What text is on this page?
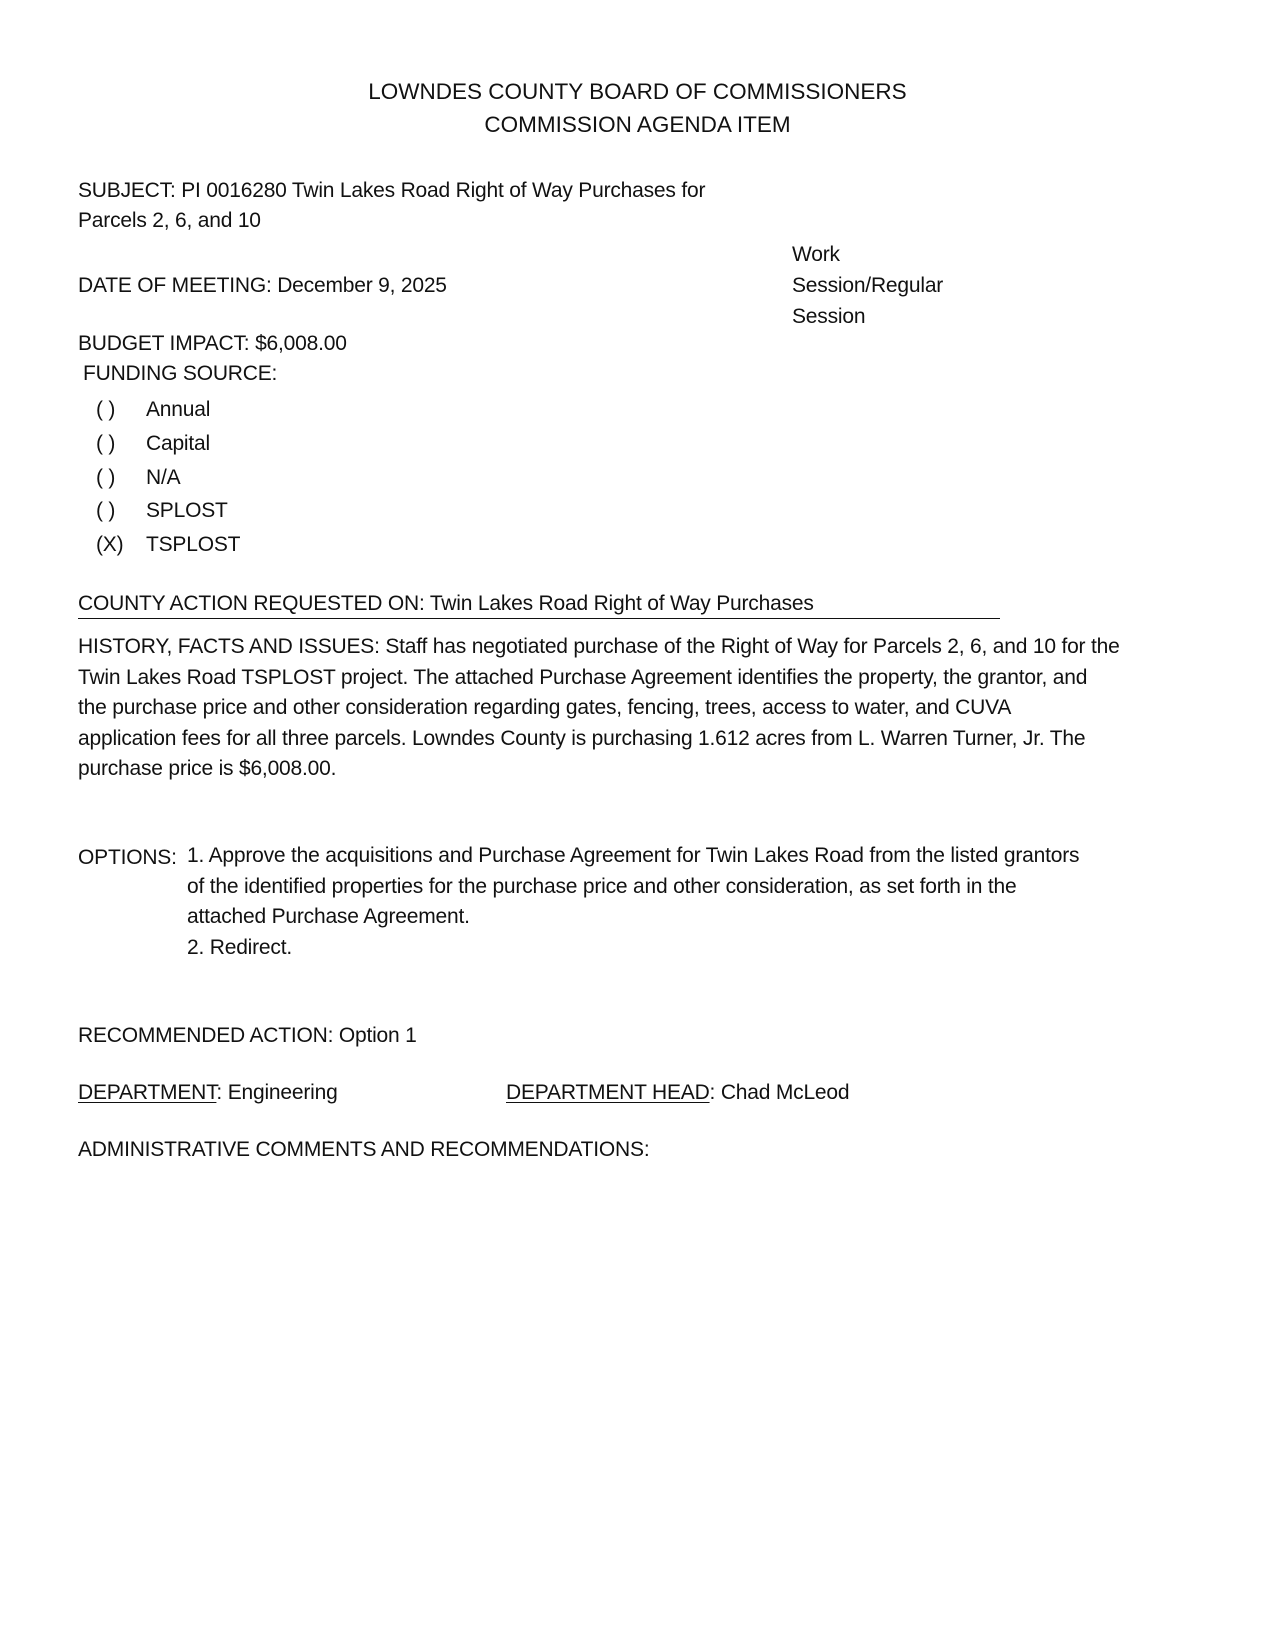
LOWNDES COUNTY BOARD OF COMMISSIONERS
COMMISSION AGENDA ITEM
SUBJECT: PI 0016280 Twin Lakes Road Right of Way Purchases for
Parcels 2, 6, and 10
Work
Session/Regular
Session
DATE OF MEETING: December 9, 2025
BUDGET IMPACT: $6,008.00
FUNDING SOURCE:
( ) Annual
( ) Capital
( ) N/A
( ) SPLOST
(X) TSPLOST
COUNTY ACTION REQUESTED ON: Twin Lakes Road Right of Way Purchases
HISTORY, FACTS AND ISSUES: Staff has negotiated purchase of the Right of Way for Parcels 2, 6, and 10 for the
Twin Lakes Road TSPLOST project. The attached Purchase Agreement identifies the property, the grantor, and
the purchase price and other consideration regarding gates, fencing, trees, access to water, and CUVA
application fees for all three parcels. Lowndes County is purchasing 1.612 acres from L. Warren Turner, Jr. The
purchase price is $6,008.00.
OPTIONS: 1. Approve the acquisitions and Purchase Agreement for Twin Lakes Road from the listed grantors
of the identified properties for the purchase price and other consideration, as set forth in the
attached Purchase Agreement.
2. Redirect.
RECOMMENDED ACTION: Option 1
DEPARTMENT: Engineering	DEPARTMENT HEAD: Chad McLeod
ADMINISTRATIVE COMMENTS AND RECOMMENDATIONS:
